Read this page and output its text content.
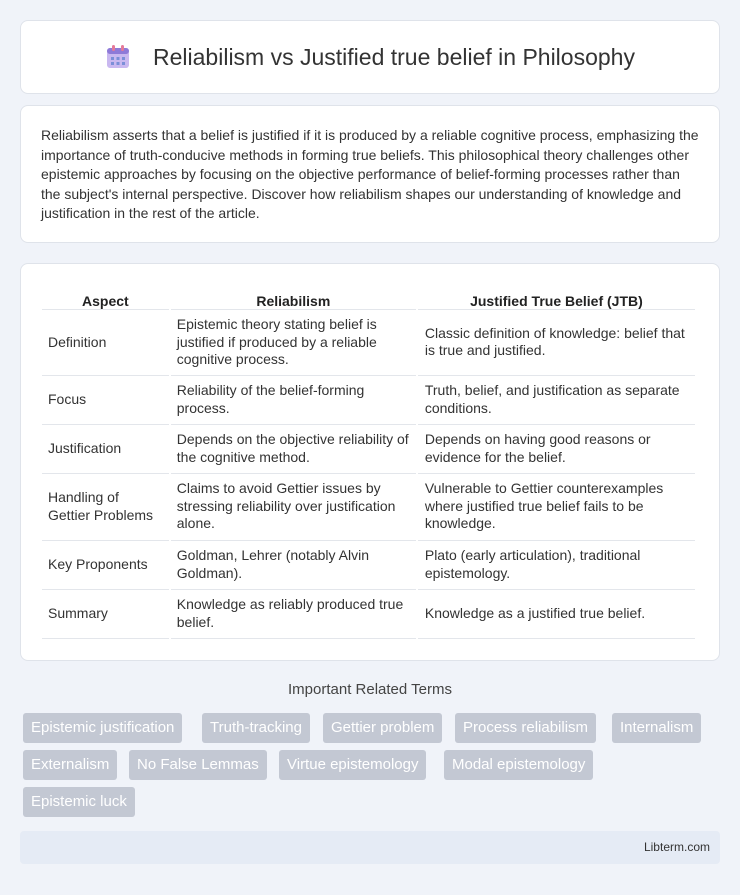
Reliabilism vs Justified true belief in Philosophy

Reliabilism asserts that a belief is justified if it is produced by a reliable cognitive process, emphasizing the importance of truth-conducive methods in forming true beliefs. This philosophical theory challenges other epistemic approaches by focusing on the objective performance of belief-forming processes rather than the subject's internal perspective. Discover how reliabilism shapes our understanding of knowledge and justification in the rest of the article.

Aspect	Reliabilism	Justified True Belief (JTB)
Definition	Epistemic theory stating belief is justified if produced by a reliable cognitive process.	Classic definition of knowledge: belief that is true and justified.
Focus	Reliability of the belief-forming process.	Truth, belief, and justification as separate conditions.
Justification	Depends on the objective reliability of the cognitive method.	Depends on having good reasons or evidence for the belief.
Handling of Gettier Problems	Claims to avoid Gettier issues by stressing reliability over justification alone.	Vulnerable to Gettier counterexamples where justified true belief fails to be knowledge.
Key Proponents	Goldman, Lehrer (notably Alvin Goldman).	Plato (early articulation), traditional epistemology.
Summary	Knowledge as reliably produced true belief.	Knowledge as a justified true belief.
Important Related Terms
Epistemic justification	Truth-tracking	Gettier problem	Process reliabilism	Internalism
Externalism	No False Lemmas	Virtue epistemology	Modal epistemology
Epistemic luck
Libterm.com
